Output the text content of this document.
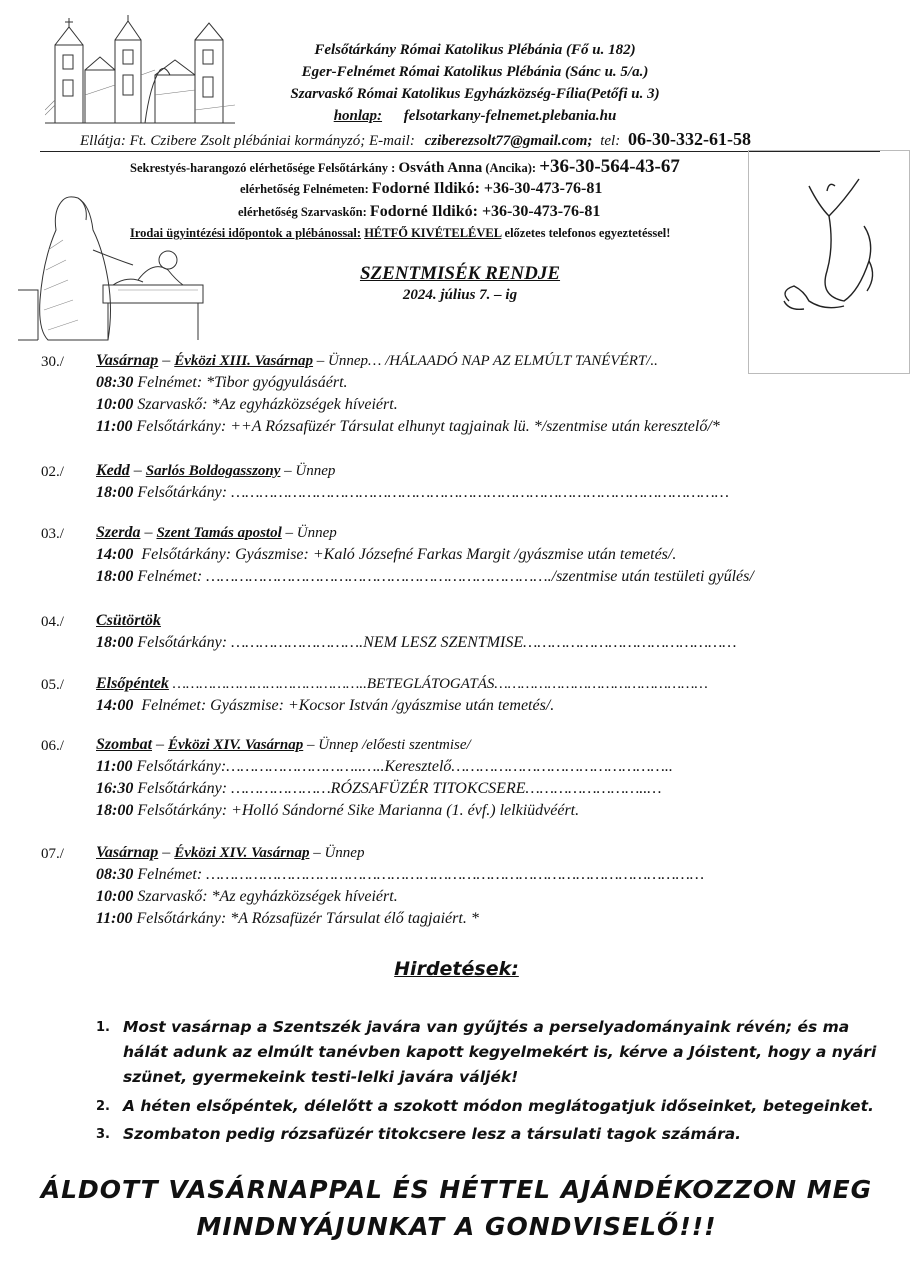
Felsőtárkány Római Katolikus Plébánia (Fő u. 182)
Eger-Felnémet Római Katolikus Plébánia (Sánc u. 5/a.)
Szarvaskő Római Katolikus Egyházközség-Fília(Petőfi u. 3)
honlap: felsotarkany-felnemet.plebania.hu
Ellátja: Ft. Czibere Zsolt plébániai kormányzó; E-mail: cziberezsolt77@gmail.com; tel: 06-30-332-61-58
Sekrestyés-harangozó elérhetősége Felsőtárkány : Osváth Anna (Ancika): +36-30-564-43-67
elérhetőség Felnémeten: Fodorné Ildikó: +36-30-473-76-81
elérhetőség Szarvaskőn: Fodorné Ildikó: +36-30-473-76-81
Irodai ügyintézési időpontok a plébánossal: HÉTFŐ KIVÉTELÉVEL előzetes telefonos egyeztetéssel!
SZENTMISÉK RENDJE
2024. július 7. – ig
30./ Vasárnap – Évközi XIII. Vasárnap – Ünnep… /HÁLAADÓ NAP AZ ELMÚLT TANÉVÉRT/..
08:30 Felnémet: *Tibor gyógyulásáért.
10:00 Szarvaskő: *Az egyházközségek híveiért.
11:00 Felsőtárkány: ++A Rózsafüzér Társulat elhunyt tagjainak lü. */szentmise után keresztelő/*
02./ Kedd – Sarlós Boldogasszony – Ünnep
18:00 Felsőtárkány: ……………………………………………………………………………………………
03./ Szerda – Szent Tamás apostol – Ünnep
14:00  Felsőtárkány: Gyászmise: +Kaló Józsefné Farkas Margit /gyászmise után temetés/.
18:00 Felnémet: ………………………………………………………………./szentmise után testületi gyűlés/
04./ Csütörtök
18:00 Felsőtárkány: ……………………….NEM LESZ SZENTMISE………………………………………
05./ Elsőpéntek ……………………………………..BETEGLÁTOGATÁS…………………………………………
14:00  Felnémet: Gyászmise: +Kocsor István /gyászmise után temetés/.
06./ Szombat – Évközi XIV. Vasárnap – Ünnep /előesti szentmise/
11:00 Felsőtárkány:………………………..…..Keresztelő………………………………………..
16:30 Felsőtárkány: …………………RÓZSAFÜZÉR TITOKCSERE……………………..…
18:00 Felsőtárkány: +Holló Sándorné Sike Marianna (1. évf.) lelkiüdvéért.
07./ Vasárnap – Évközi XIV. Vasárnap – Ünnep
08:30 Felnémet: ……………………………………………………………………………………………
10:00 Szarvaskő: *Az egyházközségek híveiért.
11:00 Felsőtárkány: *A Rózsafüzér Társulat élő tagjaiért. *
Hirdetések:
1. Most vasárnap a Szentszék javára van gyűjtés a perselyadományaink révén; és ma hálát adunk az elmúlt tanévben kapott kegyelmekért is, kérve a Jóistent, hogy a nyári szünet, gyermekeink testi-lelki javára váljék!
2. A héten elsőpéntek, délelőtt a szokott módon meglátogatjuk időseinket, betegeinket.
3. Szombaton pedig rózsafüzér titokcsere lesz a társulati tagok számára.
ÁLDOTT VASÁRNAPPAL ÉS HÉTTEL AJÁNDÉKOZZON MEG
MINDNYÁJUNKAT A GONDVISELŐ!!!
